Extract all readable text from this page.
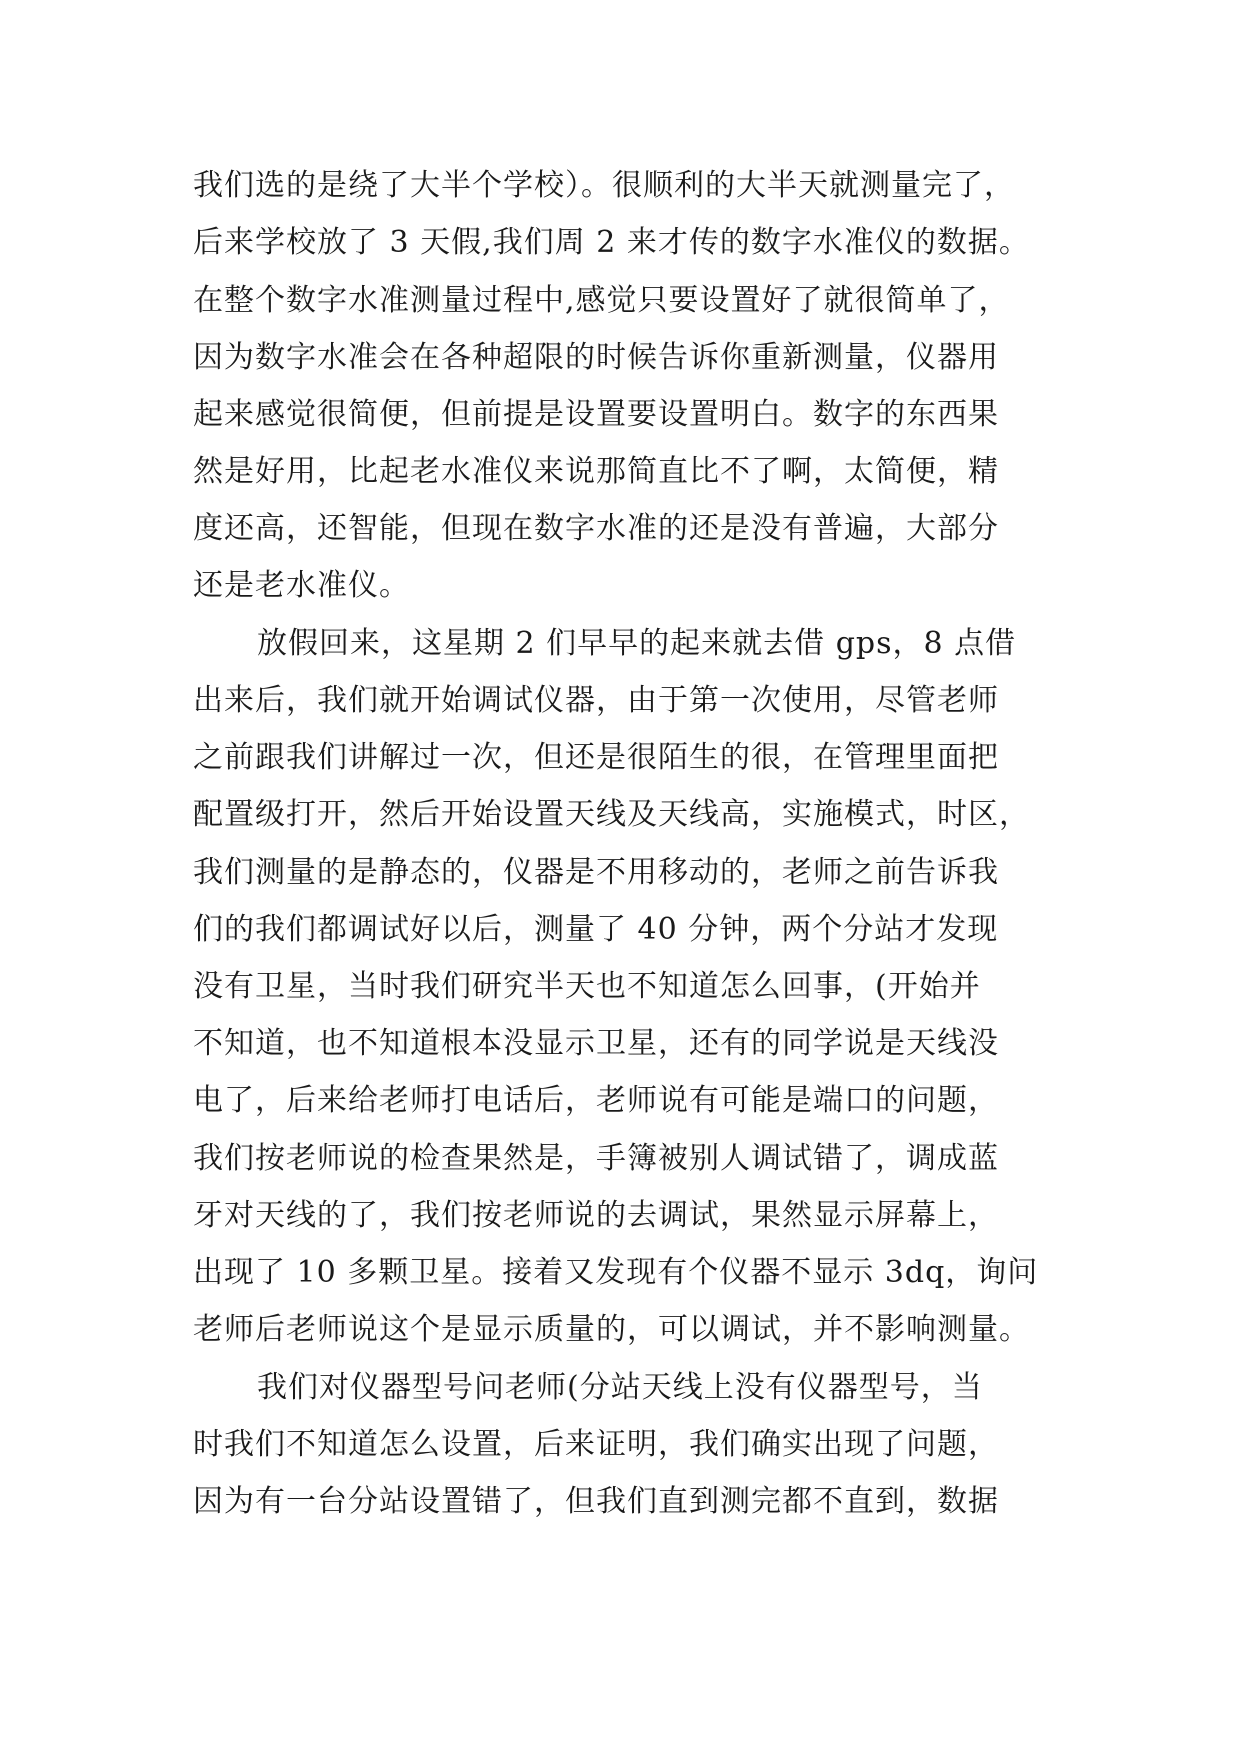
我们选的是绕了大半个学校）。很顺利的大半天就测量完了，
后来学校放了 3 天假,我们周 2 来才传的数字水准仪的数据。
在整个数字水准测量过程中,感觉只要设置好了就很简单了，
因为数字水准会在各种超限的时候告诉你重新测量，仪器用
起来感觉很简便，但前提是设置要设置明白。数字的东西果
然是好用，比起老水准仪来说那简直比不了啊，太简便，精
度还高，还智能，但现在数字水准的还是没有普遍，大部分
还是老水准仪。
放假回来，这星期 2 们早早的起来就去借 gps，8 点借
出来后，我们就开始调试仪器，由于第一次使用，尽管老师
之前跟我们讲解过一次，但还是很陌生的很，在管理里面把
配置级打开，然后开始设置天线及天线高，实施模式，时区，
我们测量的是静态的，仪器是不用移动的，老师之前告诉我
们的我们都调试好以后，测量了 40 分钟，两个分站才发现
没有卫星，当时我们研究半天也不知道怎么回事，(开始并
不知道，也不知道根本没显示卫星，还有的同学说是天线没
电了，后来给老师打电话后，老师说有可能是端口的问题，
我们按老师说的检查果然是，手簿被别人调试错了，调成蓝
牙对天线的了，我们按老师说的去调试，果然显示屏幕上，
出现了 10 多颗卫星。接着又发现有个仪器不显示 3dq，询问
老师后老师说这个是显示质量的，可以调试，并不影响测量。
我们对仪器型号问老师(分站天线上没有仪器型号，当
时我们不知道怎么设置，后来证明，我们确实出现了问题，
因为有一台分站设置错了，但我们直到测完都不直到，数据
